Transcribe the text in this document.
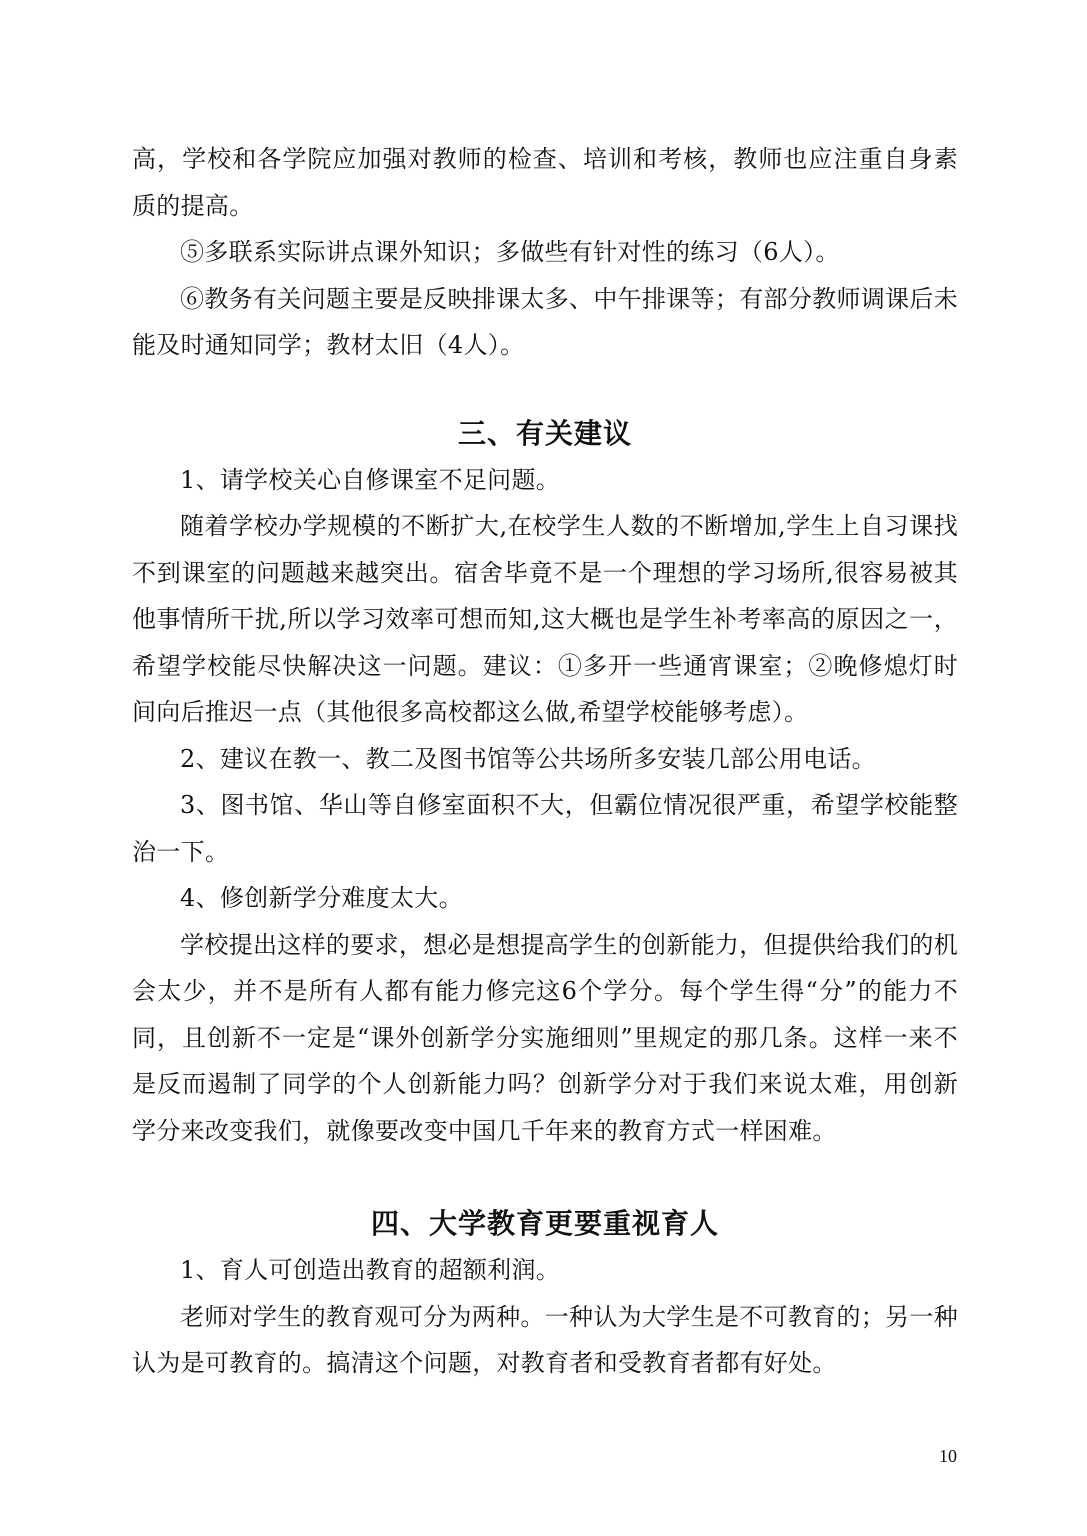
高，学校和各学院应加强对教师的检查、培训和考核，教师也应注重自身素质的提高。

⑤多联系实际讲点课外知识；多做些有针对性的练习（6人）。

⑥教务有关问题主要是反映排课太多、中午排课等；有部分教师调课后未能及时通知同学；教材太旧（4人）。

三、有关建议

1、请学校关心自修课室不足问题。

随着学校办学规模的不断扩大,在校学生人数的不断增加,学生上自习课找不到课室的问题越来越突出。宿舍毕竟不是一个理想的学习场所,很容易被其他事情所干扰,所以学习效率可想而知,这大概也是学生补考率高的原因之一，希望学校能尽快解决这一问题。建议：①多开一些通宵课室；②晚修熄灯时间向后推迟一点（其他很多高校都这么做,希望学校能够考虑）。

2、建议在教一、教二及图书馆等公共场所多安装几部公用电话。

3、图书馆、华山等自修室面积不大，但霸位情况很严重，希望学校能整治一下。

4、修创新学分难度太大。

学校提出这样的要求，想必是想提高学生的创新能力，但提供给我们的机会太少，并不是所有人都有能力修完这6个学分。每个学生得“分”的能力不同，且创新不一定是“课外创新学分实施细则”里规定的那几条。这样一来不是反而遏制了同学的个人创新能力吗？创新学分对于我们来说太难，用创新学分来改变我们，就像要改变中国几千年来的教育方式一样困难。

四、大学教育更要重视育人

1、育人可创造出教育的超额利润。

老师对学生的教育观可分为两种。一种认为大学生是不可教育的；另一种认为是可教育的。搞清这个问题，对教育者和受教育者都有好处。

10
